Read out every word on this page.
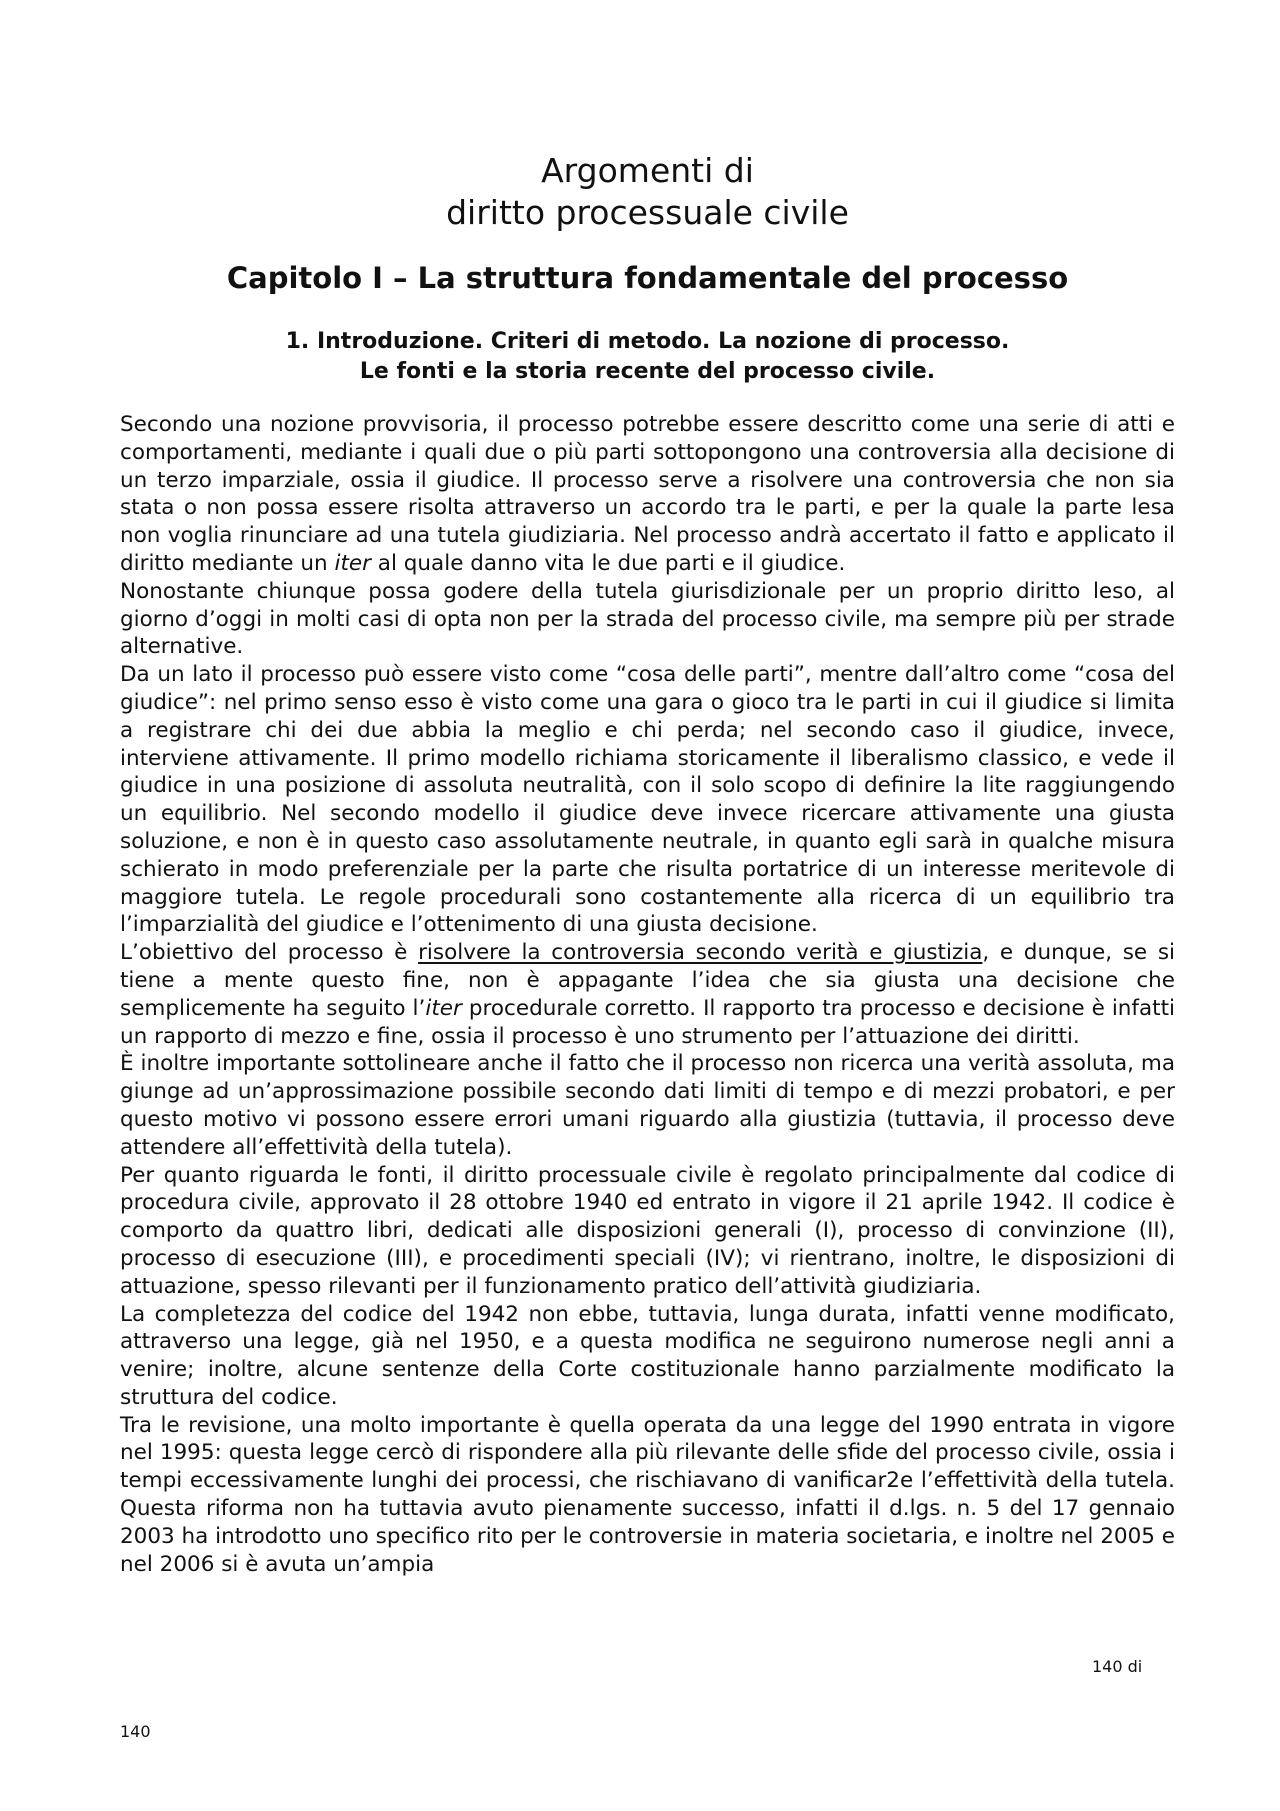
Argomenti di
diritto processuale civile
Capitolo I – La struttura fondamentale del processo
1. Introduzione. Criteri di metodo. La nozione di processo.
Le fonti e la storia recente del processo civile.

Secondo una nozione provvisoria, il processo potrebbe essere descritto come una serie di atti e comportamenti, mediante i quali due o più parti sottopongono una controversia alla decisione di un terzo imparziale, ossia il giudice. Il processo serve a risolvere una controversia che non sia stata o non possa essere risolta attraverso un accordo tra le parti, e per la quale la parte lesa non voglia rinunciare ad una tutela giudiziaria. Nel processo andrà accertato il fatto e applicato il diritto mediante un iter al quale danno vita le due parti e il giudice.

Nonostante chiunque possa godere della tutela giurisdizionale per un proprio diritto leso, al giorno d’oggi in molti casi di opta non per la strada del processo civile, ma sempre più per strade alternative.

Da un lato il processo può essere visto come “cosa delle parti”, mentre dall’altro come “cosa del giudice”: nel primo senso esso è visto come una gara o gioco tra le parti in cui il giudice si limita a registrare chi dei due abbia la meglio e chi perda; nel secondo caso il giudice, invece, interviene attivamente. Il primo modello richiama storicamente il liberalismo classico, e vede il giudice in una posizione di assoluta neutralità, con il solo scopo di definire la lite raggiungendo un equilibrio. Nel secondo modello il giudice deve invece ricercare attivamente una giusta soluzione, e non è in questo caso assolutamente neutrale, in quanto egli sarà in qualche misura schierato in modo preferenziale per la parte che risulta portatrice di un interesse meritevole di maggiore tutela. Le regole procedurali sono costantemente alla ricerca di un equilibrio tra l’imparzialità del giudice e l’ottenimento di una giusta decisione.

L’obiettivo del processo è risolvere la controversia secondo verità e giustizia, e dunque, se si tiene a mente questo fine, non è appagante l’idea che sia giusta una decisione che semplicemente ha seguito l’iter procedurale corretto. Il rapporto tra processo e decisione è infatti un rapporto di mezzo e fine, ossia il processo è uno strumento per l’attuazione dei diritti.

È inoltre importante sottolineare anche il fatto che il processo non ricerca una verità assoluta, ma giunge ad un’approssimazione possibile secondo dati limiti di tempo e di mezzi probatori, e per questo motivo vi possono essere errori umani riguardo alla giustizia (tuttavia, il processo deve attendere all’effettività della tutela).

Per quanto riguarda le fonti, il diritto processuale civile è regolato principalmente dal codice di procedura civile, approvato il 28 ottobre 1940 ed entrato in vigore il 21 aprile 1942. Il codice è comporto da quattro libri, dedicati alle disposizioni generali (I), processo di convinzione (II), processo di esecuzione (III), e procedimenti speciali (IV); vi rientrano, inoltre, le disposizioni di attuazione, spesso rilevanti per il funzionamento pratico dell’attività giudiziaria.

La completezza del codice del 1942 non ebbe, tuttavia, lunga durata, infatti venne modificato, attraverso una legge, già nel 1950, e a questa modifica ne seguirono numerose negli anni a venire; inoltre, alcune sentenze della Corte costituzionale hanno parzialmente modificato la struttura del codice.

Tra le revisione, una molto importante è quella operata da una legge del 1990 entrata in vigore nel 1995: questa legge cercò di rispondere alla più rilevante delle sfide del processo civile, ossia i tempi eccessivamente lunghi dei processi, che rischiavano di vanificar2e l’effettività della tutela. Questa riforma non ha tuttavia avuto pienamente successo, infatti il d.lgs. n. 5 del 17 gennaio 2003 ha introdotto uno specifico rito per le controversie in materia societaria, e inoltre nel 2005 e nel 2006 si è avuta un’ampia

140 di
140
